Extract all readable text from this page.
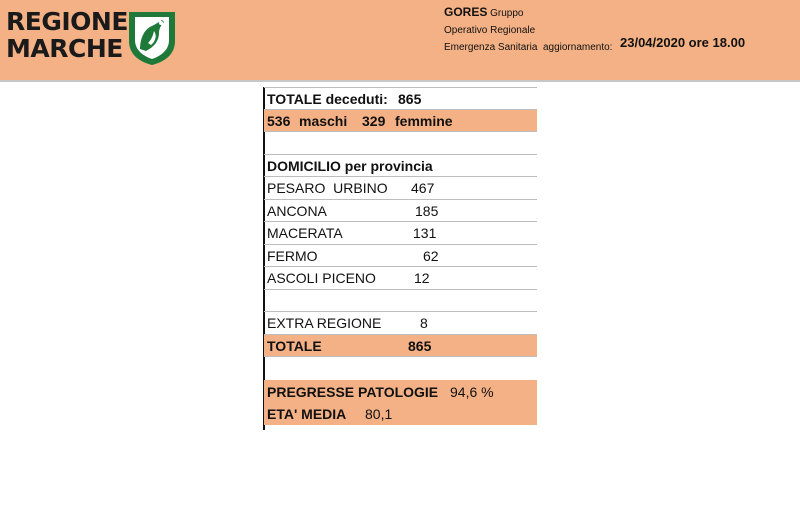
REGIONE
MARCHE
GORES Gruppo
Operativo Regionale
Emergenza Sanitaria aggiornamento: 23/04/2020 ore 18.00
TOTALE deceduti: 865
536 maschi 329 femmine
DOMICILIO per provincia
PESARO  URBINO 467
ANCONA	185
MACERATA	131
FERMO	62
ASCOLI PICENO	12
EXTRA REGIONE	8
TOTALE	865
PREGRESSE PATOLOGIE 94,6 %
ETA' MEDIA 80,1
